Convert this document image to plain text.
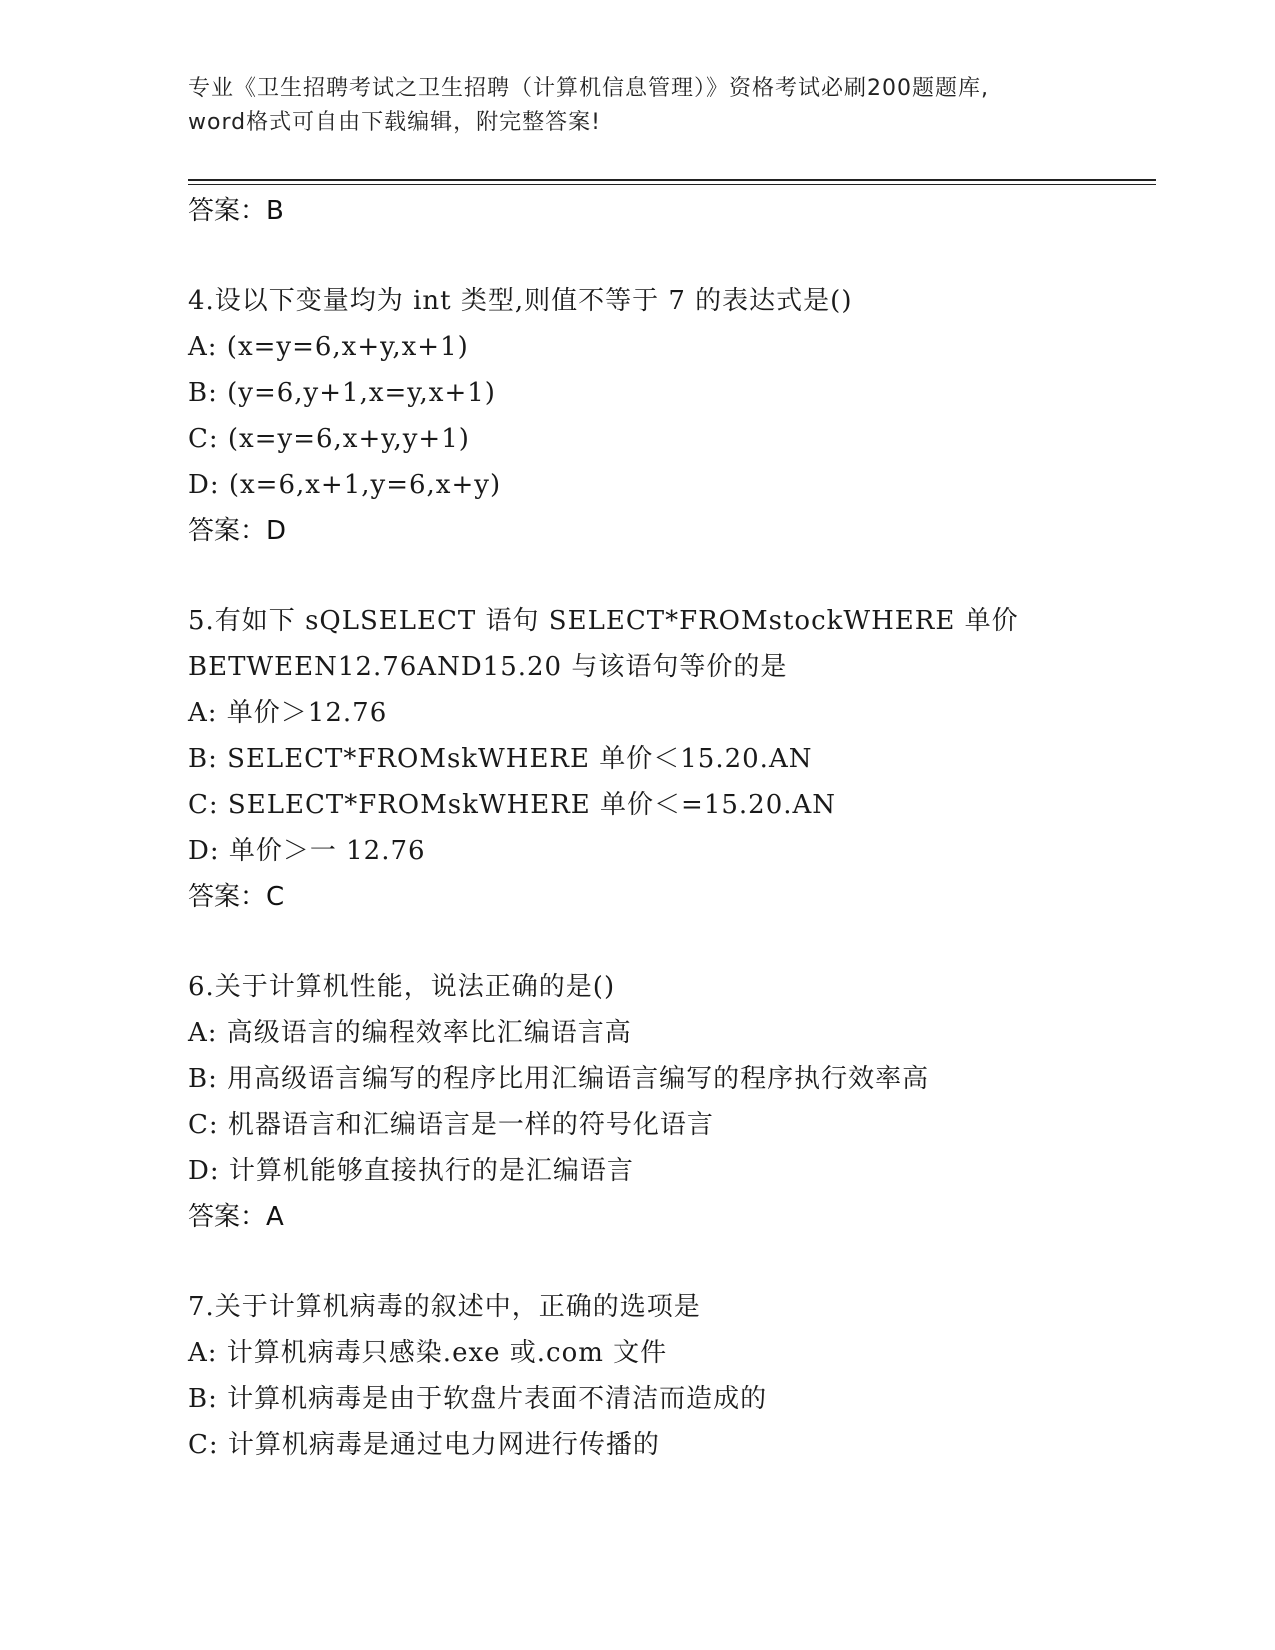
专业《卫生招聘考试之卫生招聘（计算机信息管理）》资格考试必刷200题题库,
word格式可自由下载编辑，附完整答案!
答案：B
4.设以下变量均为 int 类型,则值不等于 7 的表达式是()
A: (x=y=6,x+y,x+1)
B: (y=6,y+1,x=y,x+1)
C: (x=y=6,x+y,y+1)
D: (x=6,x+1,y=6,x+y)
答案：D
5.有如下 sQLSELECT 语句 SELECT*FROMstockWHERE 单价
BETWEEN12.76AND15.20 与该语句等价的是
A: 单价＞12.76
B: SELECT*FROMskWHERE 单价＜15.20.AN
C: SELECT*FROMskWHERE 单价＜=15.20.AN
D: 单价＞一 12.76
答案：C
6.关于计算机性能，说法正确的是()
A: 高级语言的编程效率比汇编语言高
B: 用高级语言编写的程序比用汇编语言编写的程序执行效率高
C: 机器语言和汇编语言是一样的符号化语言
D: 计算机能够直接执行的是汇编语言
答案：A
7.关于计算机病毒的叙述中，正确的选项是
A: 计算机病毒只感染.exe 或.com 文件
B: 计算机病毒是由于软盘片表面不清洁而造成的
C: 计算机病毒是通过电力网进行传播的
